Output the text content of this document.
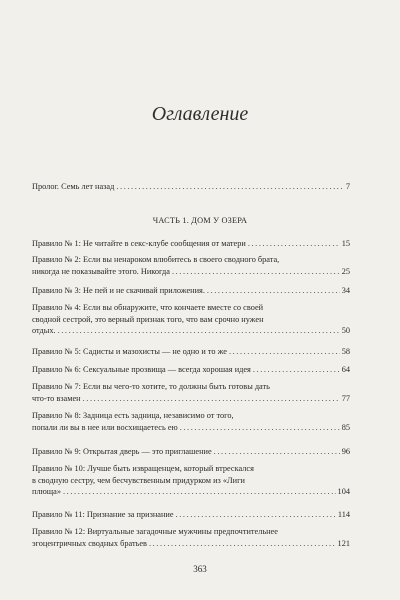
Оглавление
Пролог. Семь лет назад .....	7
ЧАСТЬ 1. ДОМ У ОЗЕРА
Правило № 1: Не читайте в секс-клубе сообщения от матери .....	15
Правило № 2: Если вы ненароком влюбитесь в своего сводного брата,
никогда не показывайте этого. Никогда .....	25
Правило № 3: Не пей и не скачивай приложения. .....	34
Правило № 4: Если вы обнаружите, что кончаете вместе со своей
сводной сестрой, это верный признак того, что вам срочно нужен
отдых. .....	50
Правило № 5: Садисты и мазохисты — не одно и то же .....	58
Правило № 6: Сексуальные прозвища — всегда хорошая идея .....	64
Правило № 7: Если вы чего-то хотите, то должны быть готовы дать
что-то взамен .....	77
Правило № 8: Задница есть задница, независимо от того,
попали ли вы в нее или восхищаетесь ею .....	85
Правило № 9: Открытая дверь — это приглашение .....	96
Правило № 10: Лучше быть извращенцем, который втрескался
в сводную сестру, чем бесчувственным придурком из «Лиги
плюща» .....	104
Правило № 11: Признание за признание .....	114
Правило № 12: Виртуальные загадочные мужчины предпочтительнее
эгоцентричных сводных братьев .....	121
363
